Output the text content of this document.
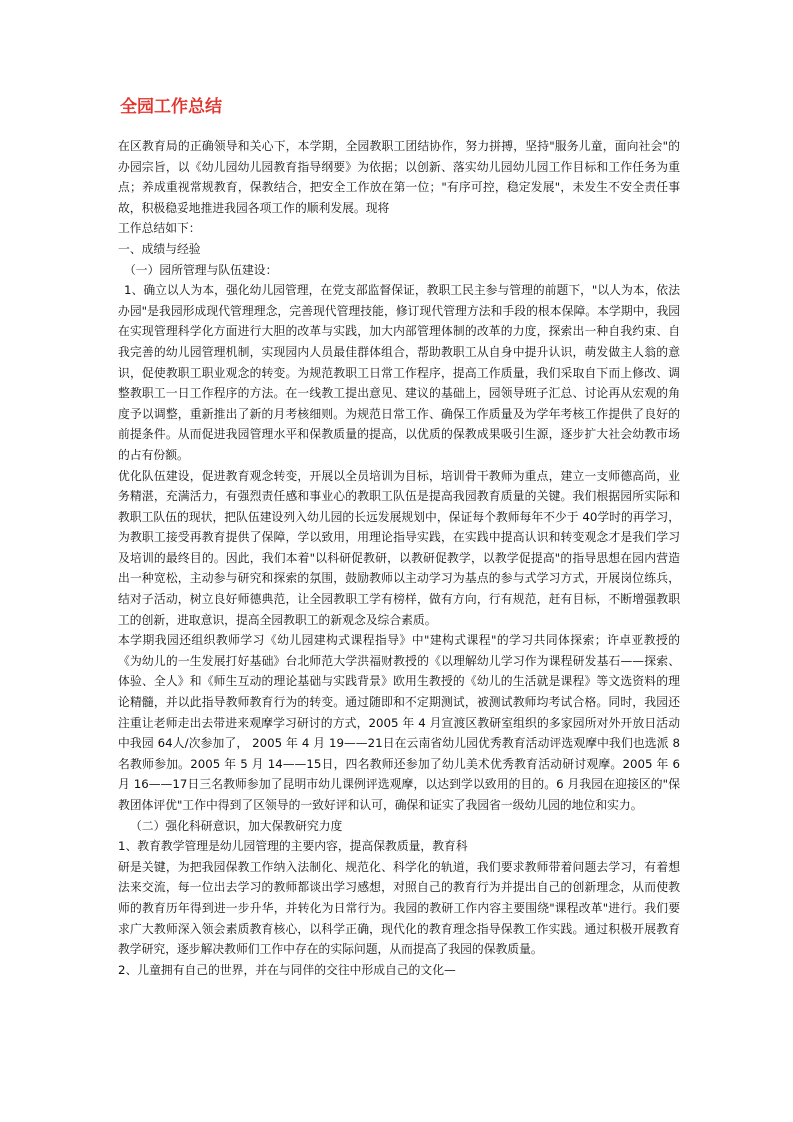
全园工作总结

在区教育局的正确领导和关心下，本学期，全园教职工团结协作，努力拼搏，坚持"服务儿童，面向社会"的办园宗旨，以《幼儿园幼儿园教育指导纲要》为依据；以创新、落实幼儿园幼儿园工作目标和工作任务为重点；养成重视常规教育，保教结合，把安全工作放在第一位；"有序可控，稳定发展"，未发生不安全责任事故，积极稳妥地推进我园各项工作的顺利发展。现将

工作总结如下：

一、成绩与经验

（一）园所管理与队伍建设：

1、确立以人为本，强化幼儿园管理，在党支部监督保证，教职工民主参与管理的前题下，"以人为本，依法办园"是我园形成现代管理理念，完善现代管理技能，修订现代管理方法和手段的根本保障。本学期中，我园在实现管理科学化方面进行大胆的改革与实践，加大内部管理体制的改革的力度，探索出一种自我约束、自我完善的幼儿园管理机制，实现园内人员最佳群体组合，帮助教职工从自身中提升认识，萌发做主人翁的意识，促使教职工职业观念的转变。为规范教职工日常工作程序，提高工作质量，我们采取自下而上修改、调整教职工一日工作程序的方法。在一线教工提出意见、建议的基础上，园领导班子汇总、讨论再从宏观的角度予以调整，重新推出了新的月考核细则。为规范日常工作、确保工作质量及为学年考核工作提供了良好的前提条件。从而促进我园管理水平和保教质量的提高，以优质的保教成果吸引生源，逐步扩大社会幼教市场的占有份额。

优化队伍建设，促进教育观念转变，开展以全员培训为目标，培训骨干教师为重点，建立一支师德高尚，业务精湛，充满活力，有强烈责任感和事业心的教职工队伍是提高我园教育质量的关键。我们根据园所实际和教职工队伍的现状，把队伍建设列入幼儿园的长远发展规划中，保证每个教师每年不少于 40学时的再学习，为教职工接受再教育提供了保障，学以致用，用理论指导实践，在实践中提高认识和转变观念才是我们学习及培训的最终目的。因此，我们本着"以科研促教研，以教研促教学，以教学促提高"的指导思想在园内营造出一种宽松，主动参与研究和探索的氛围，鼓励教师以主动学习为基点的参与式学习方式，开展岗位练兵，结对子活动，树立良好师德典范，让全园教职工学有榜样，做有方向，行有规范，赶有目标，不断增强教职工的创新，进取意识，提高全园教职工的新观念及综合素质。

本学期我园还组织教师学习《幼儿园建构式课程指导》中"建构式课程"的学习共同体探索；许卓亚教授的《为幼儿的一生发展打好基础》台北师范大学洪福财教授的《以理解幼儿学习作为课程研发基石——探索、体验、全人》和《师生互动的理论基础与实践背景》欧用生教授的《幼儿的生活就是课程》等文选资料的理论精髓，并以此指导教师教育行为的转变。通过随即和不定期测试，被测试教师均考试合格。同时，我园还注重让老师走出去带进来观摩学习研讨的方式，2005 年 4 月宣渡区教研室组织的多家园所对外开放日活动中我园 64人/次参加了， 2005 年 4 月 19——21日在云南省幼儿园优秀教育活动评选观摩中我们也选派 8 名教师参加。2005 年 5 月 14——15日，四名教师还参加了幼儿美术优秀教育活动研讨观摩。2005 年 6 月 16——17日三名教师参加了昆明市幼儿课例评选观摩，以达到学以致用的目的。6 月我园在迎接区的"保教团体评优"工作中得到了区领导的一致好评和认可，确保和证实了我园省一级幼儿园的地位和实力。

（二）强化科研意识，加大保教研究力度

1、教育教学管理是幼儿园管理的主要内容，提高保教质量，教育科

研是关键，为把我园保教工作纳入法制化、规范化、科学化的轨道，我们要求教师带着问题去学习，有着想法来交流，每一位出去学习的教师都谈出学习感想，对照自己的教育行为并提出自己的创新理念，从而使教师的教育历年得到进一步升华，并转化为日常行为。我园的教研工作内容主要围绕"课程改革"进行。我们要求广大教师深入领会素质教育核心，以科学正确，现代化的教育理念指导保教工作实践。通过积极开展教育教学研究，逐步解决教师们工作中存在的实际问题，从而提高了我园的保教质量。

2、儿童拥有自己的世界，并在与同伴的交往中形成自己的文化—
